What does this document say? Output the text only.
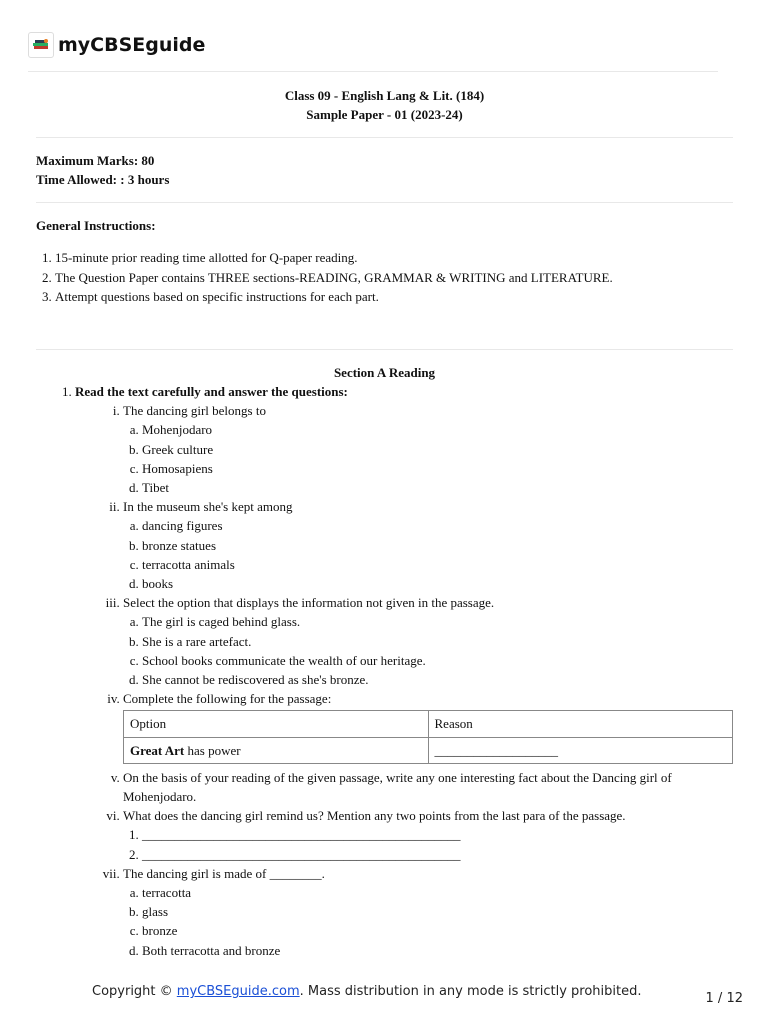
myCBSEguide
Class 09 - English Lang & Lit. (184)
Sample Paper - 01 (2023-24)
Maximum Marks: 80
Time Allowed: : 3 hours
General Instructions:
1. 15-minute prior reading time allotted for Q-paper reading.
2. The Question Paper contains THREE sections-READING, GRAMMAR & WRITING and LITERATURE.
3. Attempt questions based on specific instructions for each part.
Section A Reading
1. Read the text carefully and answer the questions:
i. The dancing girl belongs to
a. Mohenjodaro
b. Greek culture
c. Homosapiens
d. Tibet
ii. In the museum she's kept among
a. dancing figures
b. bronze statues
c. terracotta animals
d. books
iii. Select the option that displays the information not given in the passage.
a. The girl is caged behind glass.
b. She is a rare artefact.
c. School books communicate the wealth of our heritage.
d. She cannot be rediscovered as she's bronze.
iv. Complete the following for the passage:
Option	Reason
Great Art has power	___________________
v. On the basis of your reading of the given passage, write any one interesting fact about the Dancing girl of Mohenjodaro.
vi. What does the dancing girl remind us? Mention any two points from the last para of the passage.
1. _________________________________________________
2. _________________________________________________
vii. The dancing girl is made of ________.
a. terracotta
b. glass
c. bronze
d. Both terracotta and bronze
Copyright © myCBSEguide.com. Mass distribution in any mode is strictly prohibited.	1 / 12
